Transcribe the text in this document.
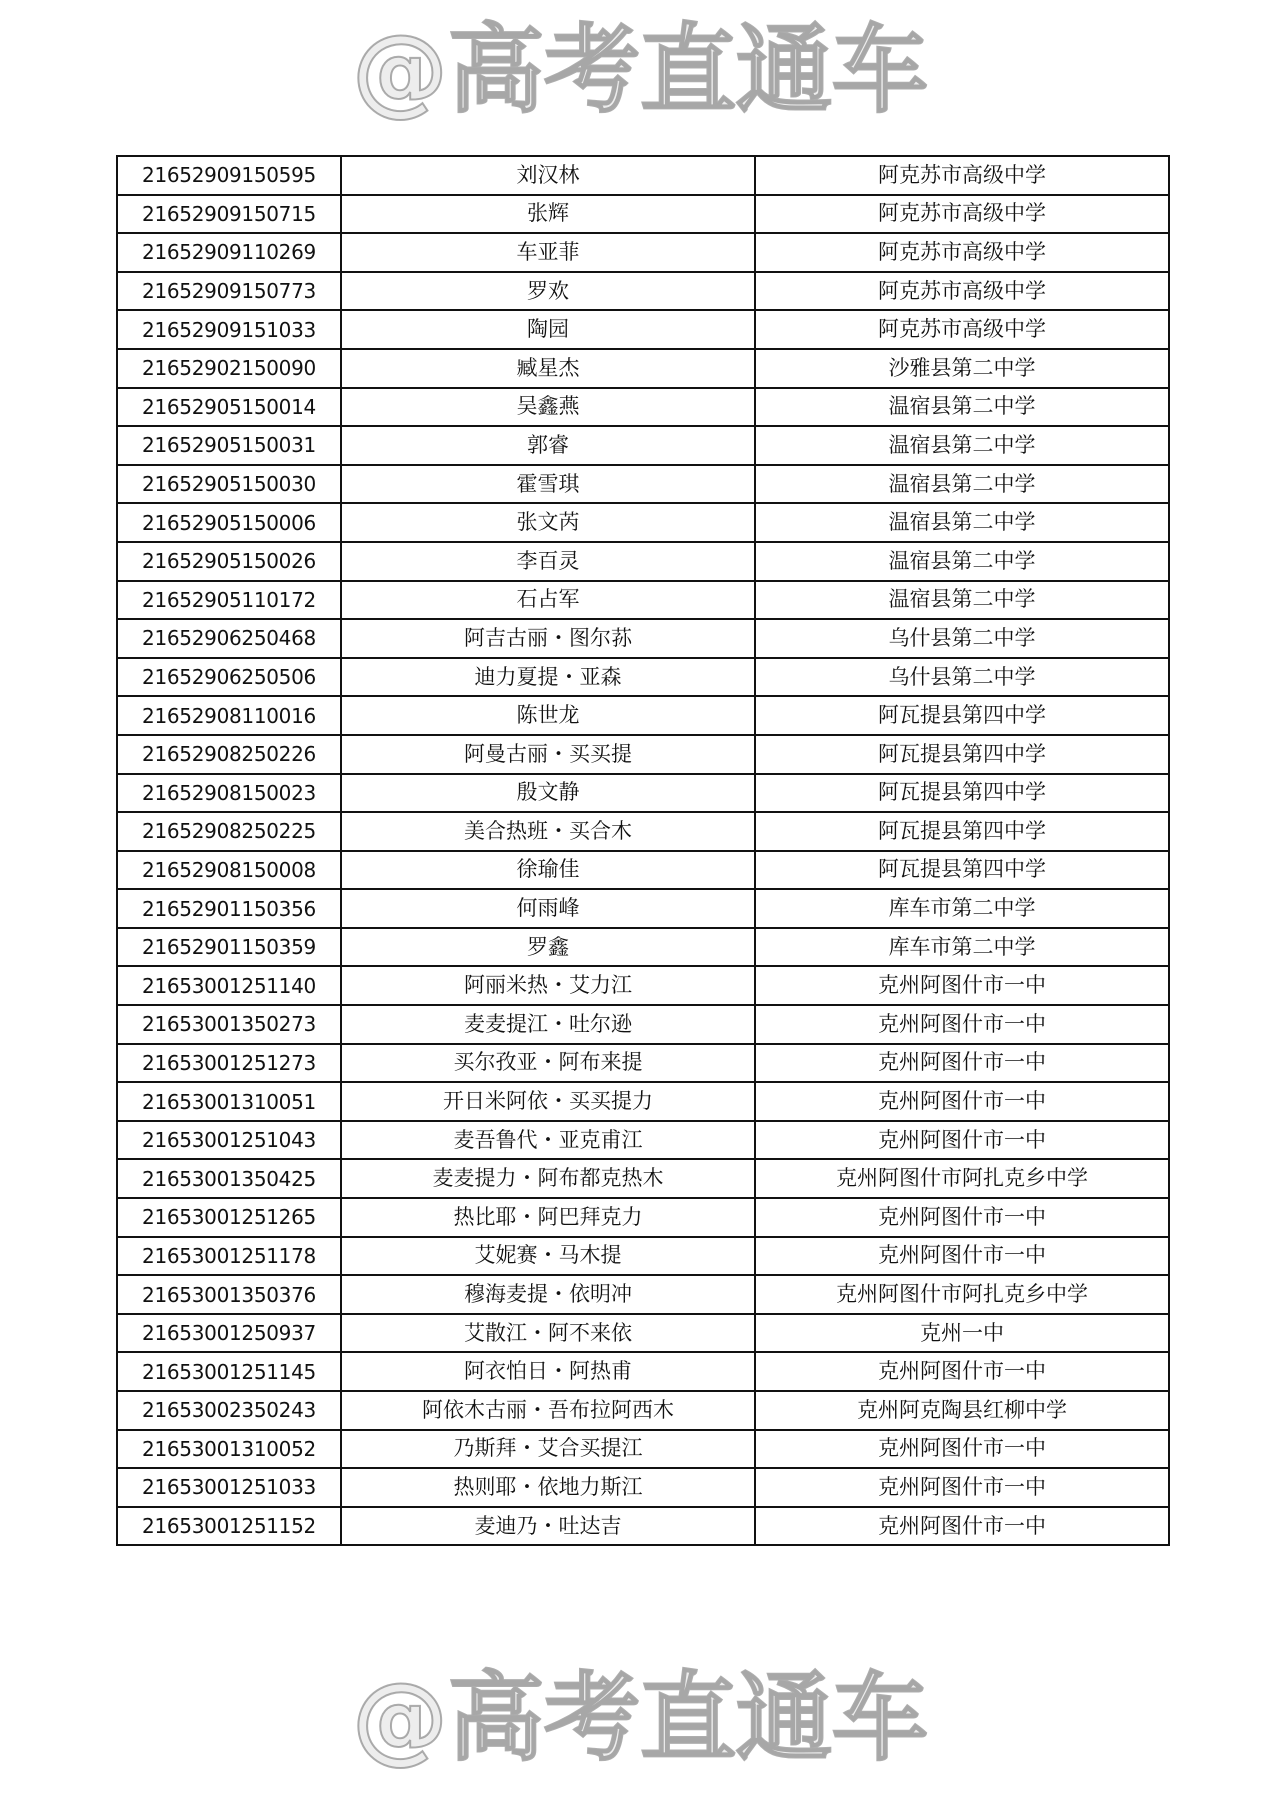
@高考直通车
21652909150595	刘汉林	阿克苏市高级中学
21652909150715	张辉	阿克苏市高级中学
21652909110269	车亚菲	阿克苏市高级中学
21652909150773	罗欢	阿克苏市高级中学
21652909151033	陶园	阿克苏市高级中学
21652902150090	臧星杰	沙雅县第二中学
21652905150014	吴鑫燕	温宿县第二中学
21652905150031	郭睿	温宿县第二中学
21652905150030	霍雪琪	温宿县第二中学
21652905150006	张文芮	温宿县第二中学
21652905150026	李百灵	温宿县第二中学
21652905110172	石占军	温宿县第二中学
21652906250468	阿吉古丽・图尔荪	乌什县第二中学
21652906250506	迪力夏提・亚森	乌什县第二中学
21652908110016	陈世龙	阿瓦提县第四中学
21652908250226	阿曼古丽・买买提	阿瓦提县第四中学
21652908150023	殷文静	阿瓦提县第四中学
21652908250225	美合热班・买合木	阿瓦提县第四中学
21652908150008	徐瑜佳	阿瓦提县第四中学
21652901150356	何雨峰	库车市第二中学
21652901150359	罗鑫	库车市第二中学
21653001251140	阿丽米热・艾力江	克州阿图什市一中
21653001350273	麦麦提江・吐尔逊	克州阿图什市一中
21653001251273	买尔孜亚・阿布来提	克州阿图什市一中
21653001310051	开日米阿依・买买提力	克州阿图什市一中
21653001251043	麦吾鲁代・亚克甫江	克州阿图什市一中
21653001350425	麦麦提力・阿布都克热木	克州阿图什市阿扎克乡中学
21653001251265	热比耶・阿巴拜克力	克州阿图什市一中
21653001251178	艾妮赛・马木提	克州阿图什市一中
21653001350376	穆海麦提・依明冲	克州阿图什市阿扎克乡中学
21653001250937	艾散江・阿不来依	克州一中
21653001251145	阿衣怕日・阿热甫	克州阿图什市一中
21653002350243	阿依木古丽・吾布拉阿西木	克州阿克陶县红柳中学
21653001310052	乃斯拜・艾合买提江	克州阿图什市一中
21653001251033	热则耶・依地力斯江	克州阿图什市一中
21653001251152	麦迪乃・吐达吉	克州阿图什市一中
@高考直通车
